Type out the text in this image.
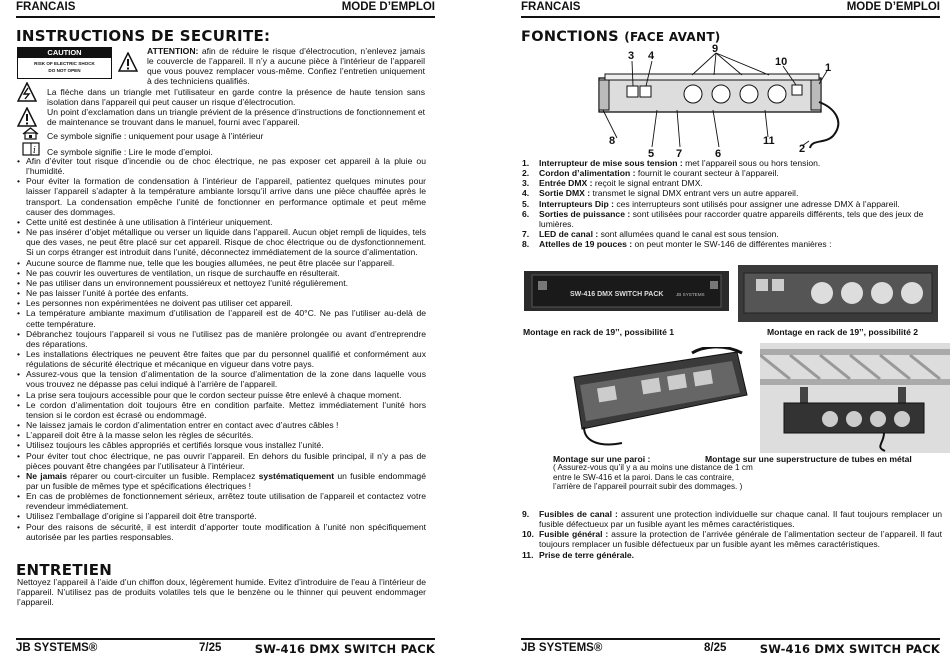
FRANCAIS	MODE D’EMPLOI
INSTRUCTIONS DE SECURITE:
CAUTION
RISK OF ELECTRIC SHOCK
DO NOT OPEN
ATTENTION: afin de réduire le risque d’électrocution, n’enlevez jamais le couvercle de l’appareil. Il n’y a aucune pièce à l’intérieur de l’appareil que vous pouvez remplacer vous-même. Confiez l’entretien uniquement à des techniciens qualifiés.
La flèche dans un triangle met l’utilisateur en garde contre la présence de haute tension sans isolation dans l’appareil qui peut causer un risque d’électrocution.
Un point d’exclamation dans un triangle prévient de la présence d’instructions de fonctionnement et de maintenance se trouvant dans le manuel, fourni avec l’appareil.
Ce symbole signifie : uniquement pour usage à l’intérieur
i Ce symbole signifie : Lire le mode d’emploi.
• Afin d’éviter tout risque d’incendie ou de choc électrique, ne pas exposer cet appareil à la pluie ou l’humidité.
• Pour éviter la formation de condensation à l’intérieur de l’appareil, patientez quelques minutes pour laisser l’appareil s’adapter à la température ambiante lorsqu’il arrive dans une pièce chauffée après le transport. La condensation empêche l’unité de fonctionner en performance optimale et peut même causer des dommages.
• Cette unité est destinée à une utilisation à l’intérieur uniquement.
• Ne pas insérer d’objet métallique ou verser un liquide dans l’appareil. Aucun objet rempli de liquides, tels que des vases, ne peut être placé sur cet appareil. Risque de choc électrique ou de dysfonctionnement. Si un corps étranger est introduit dans l’unité, déconnectez immédiatement de la source d’alimentation.
• Aucune source de flamme nue, telle que les bougies allumées, ne peut être placée sur l’appareil.
• Ne pas couvrir les ouvertures de ventilation, un risque de surchauffe en résulterait.
• Ne pas utiliser dans un environnement poussiéreux et nettoyez l’unité régulièrement.
• Ne pas laisser l’unité à portée des enfants.
• Les personnes non expérimentées ne doivent pas utiliser cet appareil.
• La température ambiante maximum d’utilisation de l’appareil est de 40°C. Ne pas l’utiliser au-delà de cette température.
• Débranchez toujours l’appareil si vous ne l’utilisez pas de manière prolongée ou avant d’entreprendre des réparations.
• Les installations électriques ne peuvent être faites que par du personnel qualifié et conformément aux régulations de sécurité électrique et mécanique en vigueur dans votre pays.
• Assurez-vous que la tension d’alimentation de la source d’alimentation de la zone dans laquelle vous vous trouvez ne dépasse pas celui indiqué à l’arrière de l’appareil.
• La prise sera toujours accessible pour que le cordon secteur puisse être enlevé à chaque moment.
• Le cordon d’alimentation doit toujours être en condition parfaite. Mettez immédiatement l’unité hors tension si le cordon est écrasé ou endommagé.
• Ne laissez jamais le cordon d’alimentation entrer en contact avec d’autres câbles !
• L’appareil doit être à la masse selon les règles de sécurités.
• Utilisez toujours les câbles appropriés et certifiés lorsque vous installez l’unité.
• Pour éviter tout choc électrique, ne pas ouvrir l’appareil. En dehors du fusible principal, il n’y a pas de pièces pouvant être changées par l’utilisateur à l’intérieur.
• Ne jamais réparer ou court-circuiter un fusible. Remplacez systématiquement un fusible endommagé par un fusible de mêmes type et spécifications électriques !
• En cas de problèmes de fonctionnement sérieux, arrêtez toute utilisation de l’appareil et contactez votre revendeur immédiatement.
• Utilisez l’emballage d’origine si l’appareil doit être transporté.
• Pour des raisons de sécurité, il est interdit d’apporter toute modification à l’unité non spécifiquement autorisée par les parties responsables.
ENTRETIEN
Nettoyez l’appareil à l’aide d’un chiffon doux, légèrement humide. Evitez d’introduire de l’eau à l’intérieur de l’appareil. N’utilisez pas de produits volatiles tels que le benzène ou le thinner qui peuvent endommager l’appareil.
JB SYSTEMS®	7/25	SW-416 DMX SWITCH PACK
FRANCAIS	MODE D’EMPLOI
FONCTIONS (FACE AVANT)
3 4
9
10	1
8
5 7	6
11
2
1. Interrupteur de mise sous tension : met l’appareil sous ou hors tension.
2. Cordon d’alimentation : fournit le courant secteur à l’appareil.
3. Entrée DMX : reçoit le signal entrant DMX.
4. Sortie DMX : transmet le signal DMX entrant vers un autre appareil.
5. Interrupteurs Dip : ces interrupteurs sont utilisés pour assigner une adresse DMX à l’appareil.
6. Sorties de puissance : sont utilisées pour raccorder quatre appareils différents, tels que des jeux de lumières.
7. LED de canal : sont allumées quand le canal est sous tension.
8. Attelles de 19 pouces : on peut monter le SW-146 de différentes manières :
SW-416 DMX SWITCH PACK	JB SYSTEMS
Montage en rack de 19’’, possibilité 1	Montage en rack de 19’’, possibilité 2
Montage sur une paroi :	Montage sur une superstructure de tubes en métal
( Assurez-vous qu’il y a au moins une distance de 1 cm
entre le SW-416 et la paroi. Dans le cas contraire,
l’arrière de l’appareil pourrait subir des dommages. )
9. Fusibles de canal : assurent une protection individuelle sur chaque canal. Il faut toujours remplacer un fusible défectueux par un fusible ayant les mêmes caractéristiques.
10. Fusible général : assure la protection de l’arrivée générale de l’alimentation secteur de l’appareil. Il faut toujours remplacer un fusible défectueux par un fusible ayant les mêmes caractéristiques.
11. Prise de terre générale.
JB SYSTEMS®	8/25	SW-416 DMX SWITCH PACK
